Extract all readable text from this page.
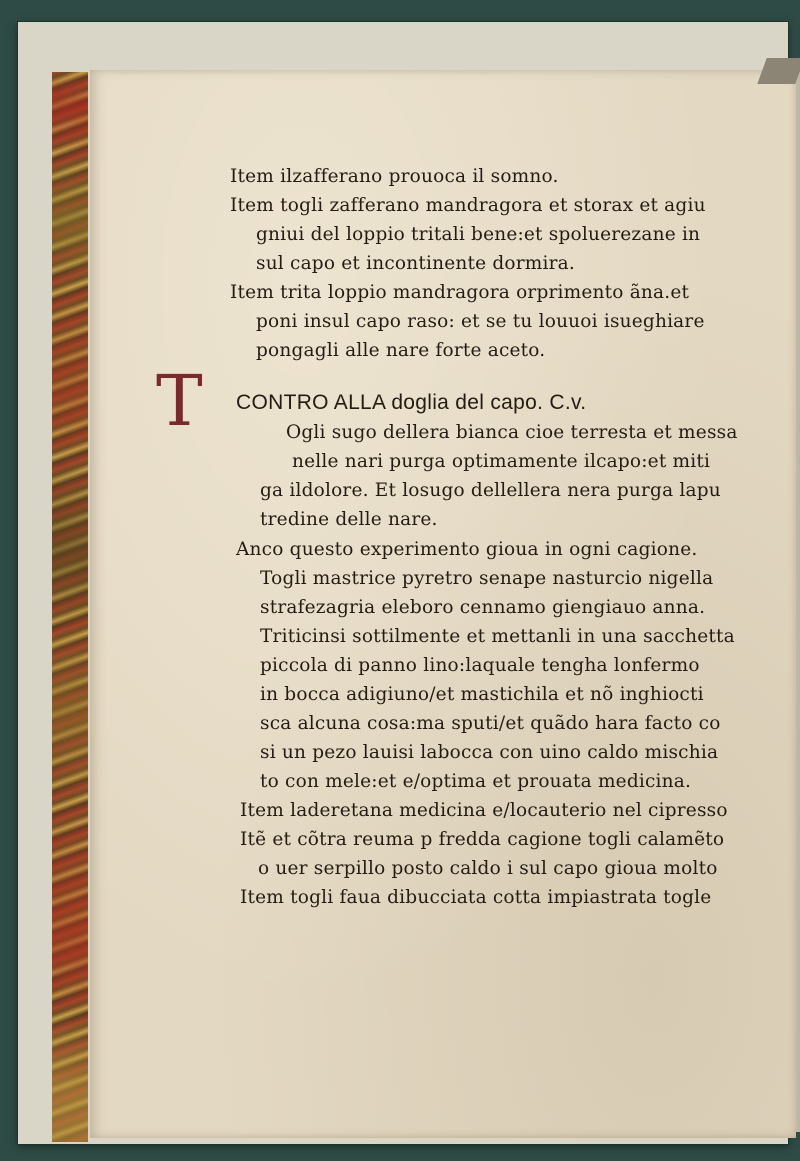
Item ilzafferano prouoca il somno.
Item togli zafferano mandragora et storax et agiu
gniui del loppio tritali bene:et spoluerezane in
sul capo et incontinente dormira.
Item trita loppio mandragora orprimento ãna.et
poni insul capo raso: et se tu louuoi isueghiare
pongagli alle nare forte aceto.
CONTRO ALLA doglia del capo. C.v.
T	Ogli sugo dellera bianca cioe terresta et messa
nelle nari purga optimamente ilcapo:et miti
ga ildolore. Et losugo dellellera nera purga lapu
tredine delle nare.
Anco questo experimento gioua in ogni cagione.
Togli mastrice pyretro senape nasturcio nigella
strafezagria eleboro cennamo giengiauo anna.
Triticinsi sottilmente et mettanli in una sacchetta
piccola di panno lino:laquale tengha lonfermo
in bocca adigiuno/et mastichila et nõ inghiocti
sca alcuna cosa:ma sputi/et quãdo hara facto co
si un pezo lauisi labocca con uino caldo mischia
to con mele:et e/optima et prouata medicina.
Item laderetana medicina e/locauterio nel cipresso
Itẽ et cõtra reuma p fredda cagione togli calamẽto
o uer serpillo posto caldo i sul capo gioua molto
Item togli faua dibucciata cotta impiastrata togle
